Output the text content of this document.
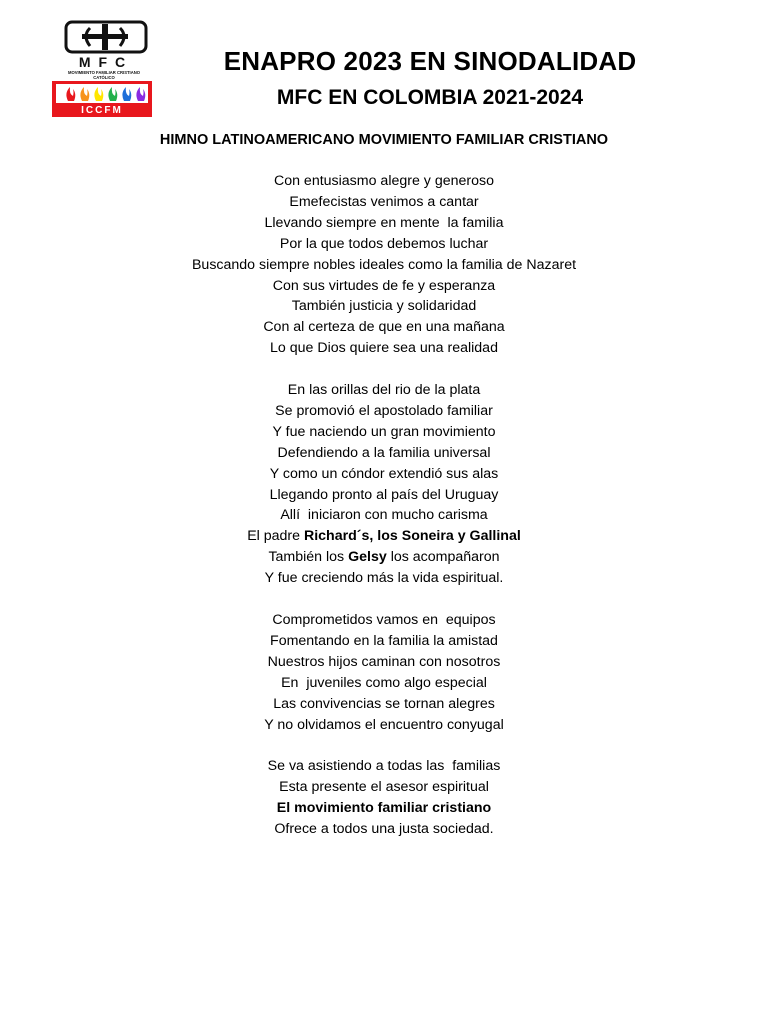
MFC
MOVIMIENTO FAMILIAR CRISTIANO
CATÓLICO
ICCFM
ENAPRO 2023 EN SINODALIDAD
MFC EN COLOMBIA 2021-2024
HIMNO LATINOAMERICANO MOVIMIENTO FAMILIAR CRISTIANO
Con entusiasmo alegre y generoso
Emefecistas venimos a cantar
Llevando siempre en mente  la familia
Por la que todos debemos luchar
Buscando siempre nobles ideales como la familia de Nazaret
Con sus virtudes de fe y esperanza
También justicia y solidaridad
Con al certeza de que en una mañana
Lo que Dios quiere sea una realidad
En las orillas del rio de la plata
Se promovió el apostolado familiar
Y fue naciendo un gran movimiento
Defendiendo a la familia universal
Y como un cóndor extendió sus alas
Llegando pronto al país del Uruguay
Allí  iniciaron con mucho carisma
El padre Richard´s, los Soneira y Gallinal
También los Gelsy los acompañaron
Y fue creciendo más la vida espiritual.
Comprometidos vamos en  equipos
Fomentando en la familia la amistad
Nuestros hijos caminan con nosotros
En  juveniles como algo especial
Las convivencias se tornan alegres
Y no olvidamos el encuentro conyugal
Se va asistiendo a todas las  familias
Esta presente el asesor espiritual
El movimiento familiar cristiano
Ofrece a todos una justa sociedad.
